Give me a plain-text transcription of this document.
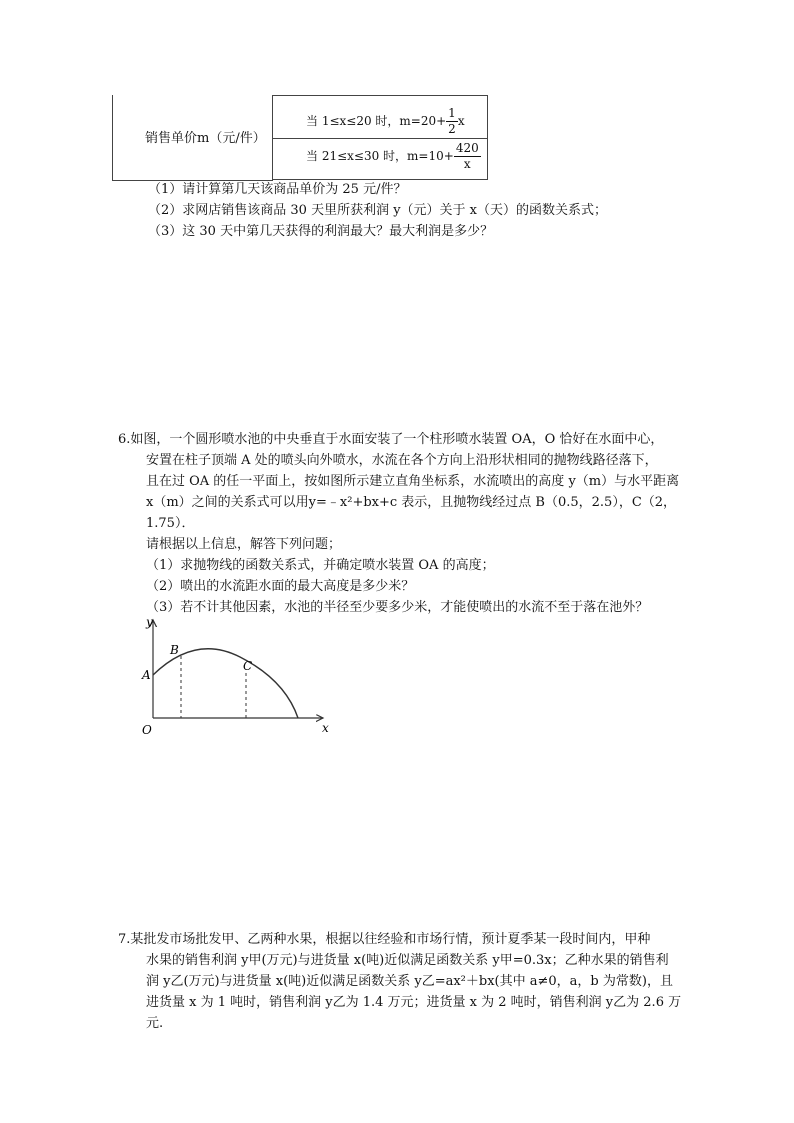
销售单价m（元/件）
当 1≤x≤20 时，$m=20+ \frac{1}{2}$ x
当 21≤x≤30 时，$m=10+ \frac{420}{x}$
（1）请计算第几天该商品单价为 25 元/件？
（2）求网店销售该商品 30 天里所获利润 y（元）关于 x（天）的函数关系式；
（3）这 30 天中第几天获得的利润最大？最大利润是多少？
6.如图，一个圆形喷水池的中央垂直于水面安装了一个柱形喷水装置 OA，O 恰好在水面中心，
安置在柱子顶端 A 处的喷头向外喷水，水流在各个方向上沿形状相同的抛物线路径落下，
且在过 OA 的任一平面上，按如图所示建立直角坐标系，水流喷出的高度 y（m）与水平距离
x（m）之间的关系式可以用y=﹣x²+bx+c 表示，且抛物线经过点 B（0.5，2.5），C（2，
1.75）．
请根据以上信息，解答下列问题；
（1）求抛物线的函数关系式，并确定喷水装置 OA 的高度；
（2）喷出的水流距水面的最大高度是多少米？
（3）若不计其他因素，水池的半径至少要多少米，才能使喷出的水流不至于落在池外？
y
x
O
A
B
C
7.某批发市场批发甲、乙两种水果，根据以往经验和市场行情，预计夏季某一段时间内，甲种
水果的销售利润 y甲(万元)与进货量 x(吨)近似满足函数关系 y甲=0.3x；乙种水果的销售利
润 y乙(万元)与进货量 x(吨)近似满足函数关系 y乙=ax²＋bx(其中 a≠0，a，b 为常数)，且
进货量 x 为 1 吨时，销售利润 y乙为 1.4 万元；进货量 x 为 2 吨时，销售利润 y乙为 2.6 万
元.
